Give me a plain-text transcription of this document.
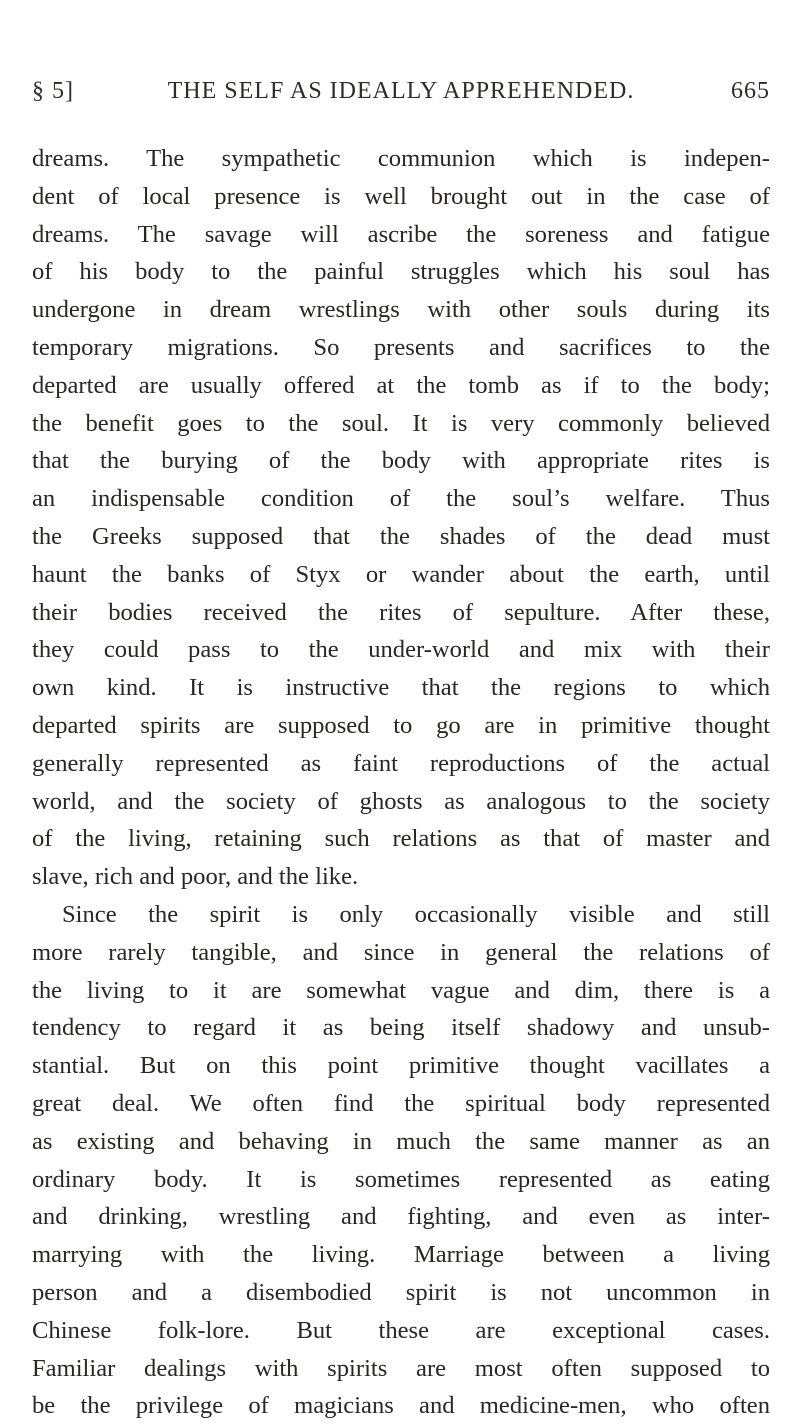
§ 5]	THE SELF AS IDEALLY APPREHENDED.	665
dreams. The sympathetic communion which is indepen-
dent of local presence is well brought out in the case of
dreams. The savage will ascribe the soreness and fatigue
of his body to the painful struggles which his soul has
undergone in dream wrestlings with other souls during its
temporary migrations. So presents and sacrifices to the
departed are usually offered at the tomb as if to the body;
the benefit goes to the soul. It is very commonly believed
that the burying of the body with appropriate rites is
an indispensable condition of the soul’s welfare. Thus
the Greeks supposed that the shades of the dead must
haunt the banks of Styx or wander about the earth, until
their bodies received the rites of sepulture. After these,
they could pass to the under-world and mix with their
own kind. It is instructive that the regions to which
departed spirits are supposed to go are in primitive thought
generally represented as faint reproductions of the actual
world, and the society of ghosts as analogous to the society
of the living, retaining such relations as that of master and
slave, rich and poor, and the like.
Since the spirit is only occasionally visible and still
more rarely tangible, and since in general the relations of
the living to it are somewhat vague and dim, there is a
tendency to regard it as being itself shadowy and unsub-
stantial. But on this point primitive thought vacillates a
great deal. We often find the spiritual body represented
as existing and behaving in much the same manner as an
ordinary body. It is sometimes represented as eating
and drinking, wrestling and fighting, and even as inter-
marrying with the living. Marriage between a living
person and a disembodied spirit is not uncommon in
Chinese folk-lore. But these are exceptional cases.
Familiar dealings with spirits are most often supposed to
be the privilege of magicians and medicine-men, who often
